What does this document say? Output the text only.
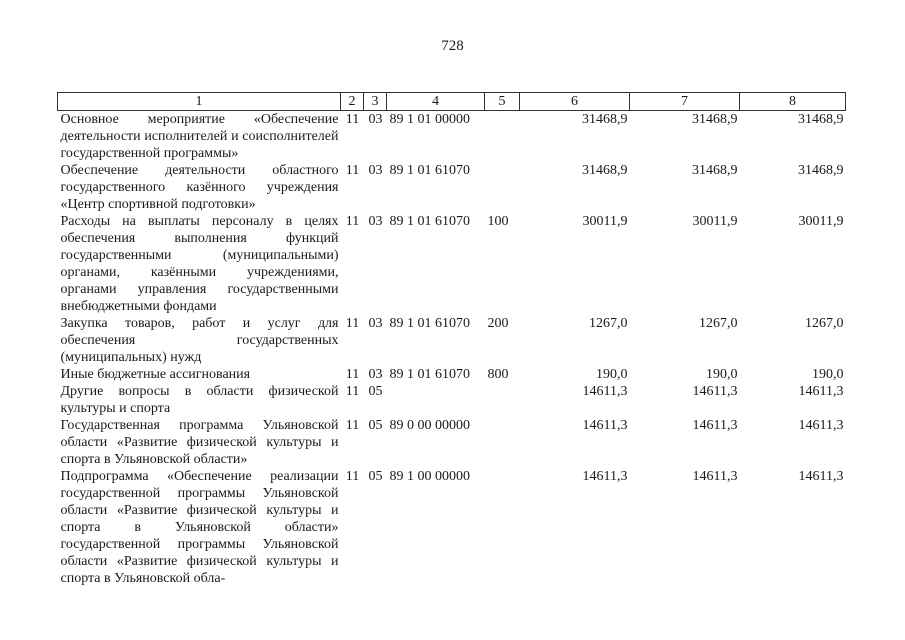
728
1	2	3	4	5	6	7	8
Основное мероприятие «Обеспечение деятельности исполнителей и соисполнителей государственной программы»	11	03	89 1 01 00000		31468,9	31468,9	31468,9
Обеспечение деятельности областного государственного казённого учреждения «Центр спортивной подготовки»	11	03	89 1 01 61070		31468,9	31468,9	31468,9
Расходы на выплаты персоналу в целях обеспечения выполнения функций государственными (муниципальными) органами, казёнными учреждениями, органами управления государственными внебюджетными фондами	11	03	89 1 01 61070	100	30011,9	30011,9	30011,9
Закупка товаров, работ и услуг для обеспечения государственных (муниципальных) нужд	11	03	89 1 01 61070	200	1267,0	1267,0	1267,0
Иные бюджетные ассигнования	11	03	89 1 01 61070	800	190,0	190,0	190,0
Другие вопросы в области физической культуры и спорта	11	05			14611,3	14611,3	14611,3
Государственная программа Ульяновской области «Развитие физической культуры и спорта в Ульяновской области»	11	05	89 0 00 00000		14611,3	14611,3	14611,3
Подпрограмма «Обеспечение реализации государственной программы Ульяновской области «Развитие физической культуры и спорта в Ульяновской области» государственной программы Ульяновской области «Развитие физической культуры и спорта в Ульяновской обла-	11	05	89 1 00 00000		14611,3	14611,3	14611,3
